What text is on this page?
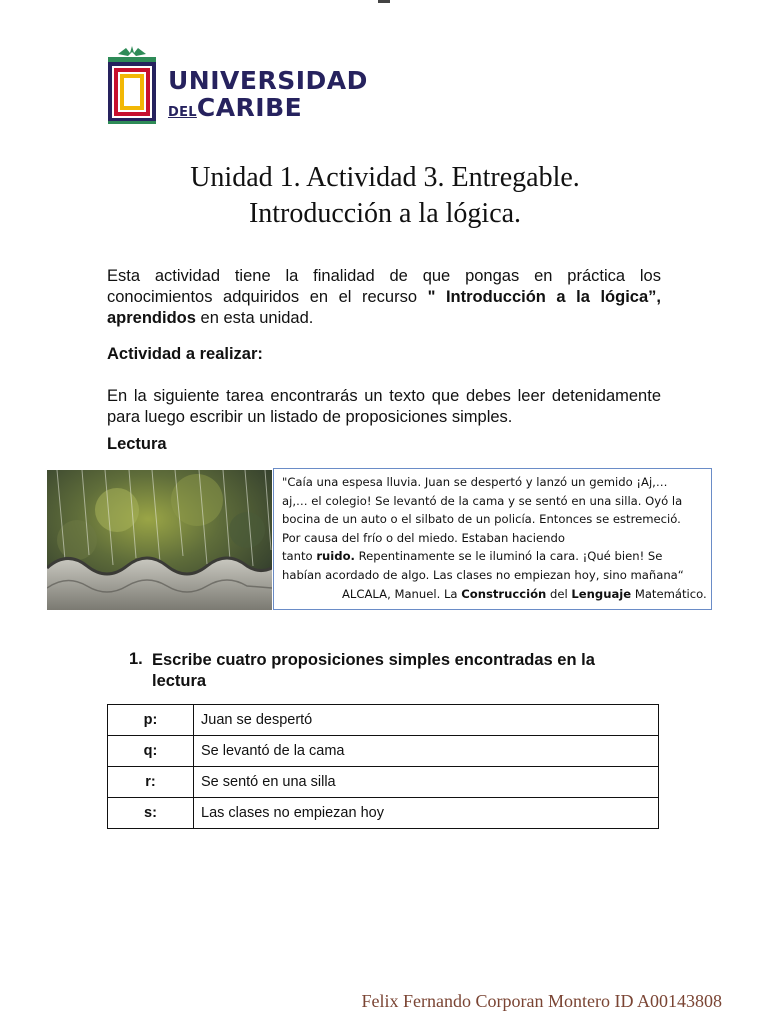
UNIVERSIDAD
DELCARIBE
Unidad 1. Actividad 3. Entregable.
Introducción a la lógica.
Esta actividad tiene la finalidad de que pongas en práctica los conocimientos adquiridos en el recurso " Introducción a la lógica”, aprendidos en esta unidad.
Actividad a realizar:
En la siguiente tarea encontrarás un texto que debes leer detenidamente para luego escribir un listado de proposiciones simples.
Lectura
"Caía una espesa lluvia. Juan se despertó y lanzó un gemido ¡Aj,…
aj,… el colegio! Se levantó de la cama y se sentó en una silla. Oyó la
bocina de un auto o el silbato de un policía. Entonces se estremeció.
Por causa del frío o del miedo. Estaban haciendo
tanto ruido. Repentinamente se le iluminó la cara. ¡Qué bien! Se
habían acordado de algo. Las clases no empiezan hoy, sino mañana“
ALCALA, Manuel. La Construcción del Lenguaje Matemático.
1. Escribe cuatro proposiciones simples encontradas en la lectura
p:	Juan se despertó
q:	Se levantó de la cama
r:	Se sentó en una silla
s:	Las clases no empiezan hoy
Felix Fernando Corporan Montero ID A00143808
